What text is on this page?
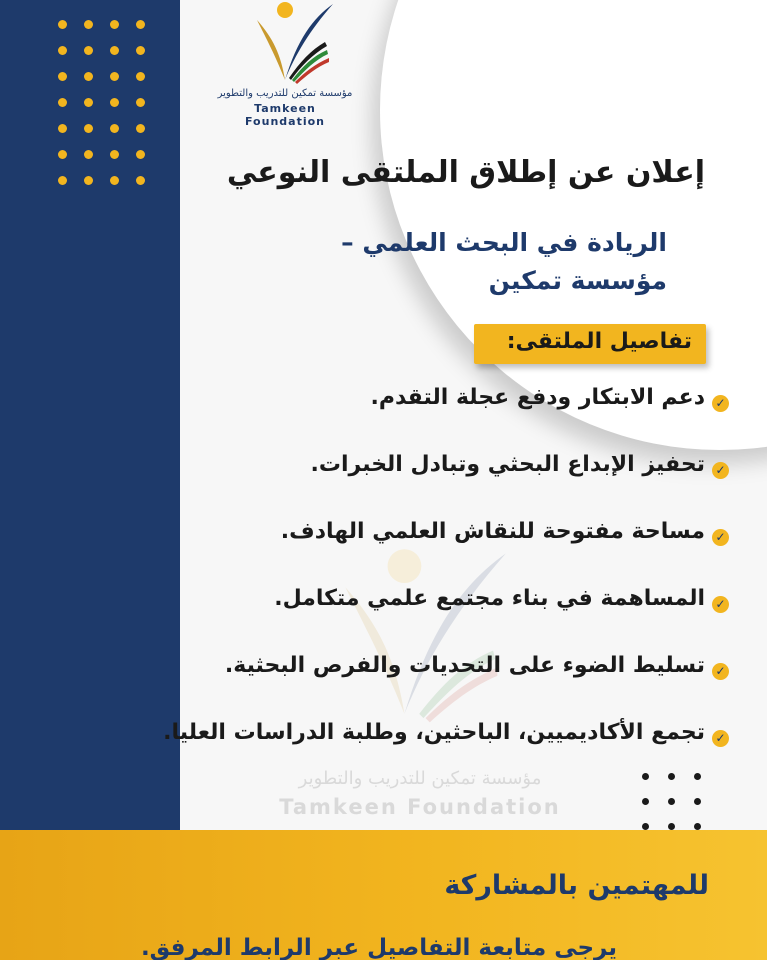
مؤسسة تمكين للتدريب والتطوير
Tamkeen Foundation
إعلان عن إطلاق الملتقى النوعي
الريادة في البحث العلمي – مؤسسة تمكين
تفاصيل الملتقى:
✓
دعم الابتكار ودفع عجلة التقدم.
✓
تحفيز الإبداع البحثي وتبادل الخبرات.
✓
مساحة مفتوحة للنقاش العلمي الهادف.
✓
المساهمة في بناء مجتمع علمي متكامل.
✓
تسليط الضوء على التحديات والفرص البحثية.
✓
تجمع الأكاديميين، الباحثين، وطلبة الدراسات العليا.
مؤسسة تمكين للتدريب والتطوير
Tamkeen Foundation
للمهتمين بالمشاركة
يرجى متابعة التفاصيل عبر الرابط المرفق.
